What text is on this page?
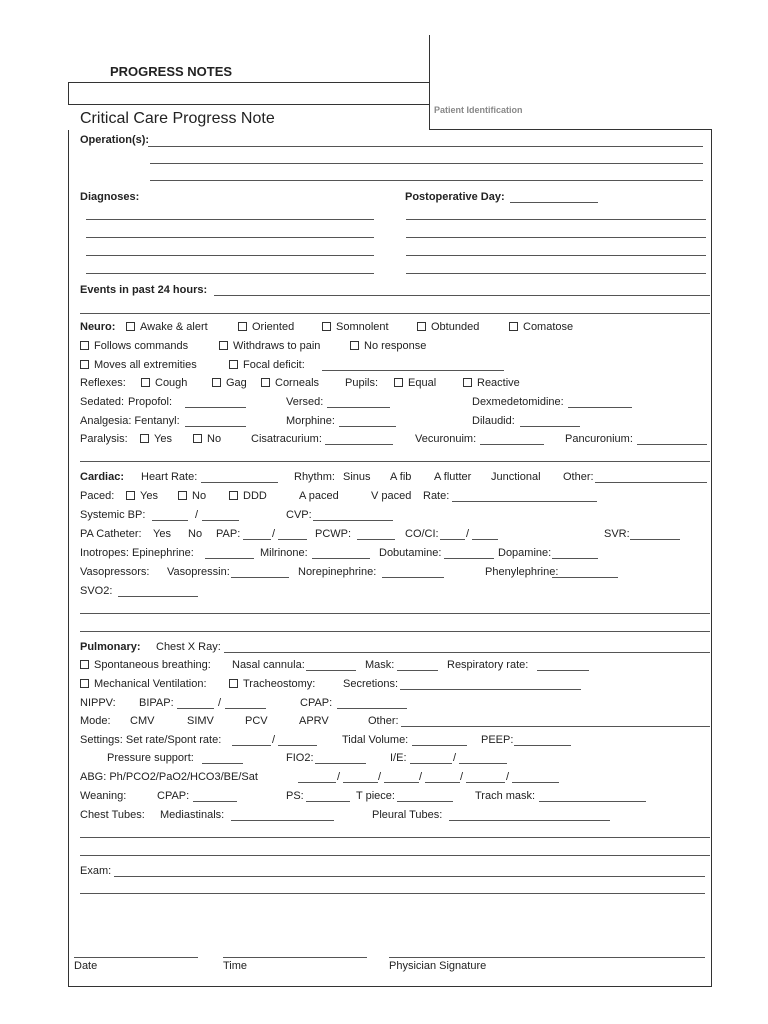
PROGRESS NOTES
Critical Care Progress Note	Patient Identification
Operation(s):
Diagnoses:	Postoperative Day:
Events in past 24 hours:
Neuro:	Awake & alert	Oriented	Somnolent	Obtunded	Comatose
Follows commands	Withdraws to pain	No response
Moves all extremities	Focal deficit:
Reflexes:	Cough	Gag	Corneals Pupils:	Equal	Reactive
Sedated: Propofol:	Versed:	Dexmedetomidine:
Analgesia: Fentanyl:	Morphine:	Dilaudid:
Paralysis:	Yes	No	Cisatracurium:	Vecuronuim:	Pancuronium:
Cardiac: Heart Rate:	Rhythm: Sinus A fib A flutter Junctional Other:
Paced:	Yes	No	DDD	A paced	V paced Rate:
Systemic BP:	/	CVP:
PA Catheter: Yes No PAP:	/	PCWP:	CO/CI: /	SVR:
Inotropes: Epinephrine:	Milrinone:	Dobutamine:	Dopamine:
Vasopressors: Vasopressin:	Norepinephrine:	Phenylephrine:
SVO2:
Pulmonary: Chest X Ray:
Spontaneous breathing: Nasal cannula:	Mask:	Respiratory rate:
Mechanical Ventilation:	Tracheostomy:	Secretions:
NIPPV: BIPAP:	/	CPAP:
Mode: CMV	SIMV	PCV	APRV	Other:
Settings: Set rate/Spont rate:	/	Tidal Volume:	PEEP:
Pressure support:	FIO2:	I/E:	/
ABG: Ph/PCO2/PaO2/HCO3/BE/Sat	/	/	/	/	/
Weaning:	CPAP:	PS:	T piece:	Trach mask:
Chest Tubes: Mediastinals:	Pleural Tubes:
Exam:
Date	Time	Physician Signature
